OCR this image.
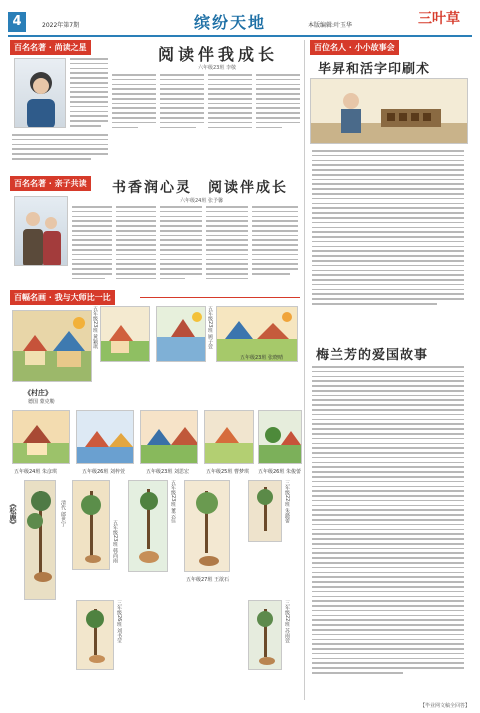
4	2022年第7期	缤纷天地	本版编辑:叶玉华	三叶草
百名名著 · 尚读之星	阅读伴我成长
六年级23班 李敬
百名名著 · 亲子共读 书香润心灵　阅读伴成长
六年级24班 张予馨
百幅名画 · 我与大师比一比
《村庄》
德国 蒙克勒
五年级23班 黄颖琪	五年级23班 顾子萱
五年级23班 张晓晴
五年级24班 朱彦琪	五年级26班 刘梓萱	五年级23班 刘思宏	五年级25班 曹梦琪 五年级26班 朱俊蕾
《松鹿》	清代 郎世宁
五年级23班 韩尚雨
五年级23班 董云佳
五年级27班 王欲石
三年级22班 朱懿蕾
三年级26班 刘书莹	三年级22班 苏雨萱
百位名人 · 小小故事会
毕昇和活字印刷术
梅兰芳的爱国故事
【毕业网文稿全回答】
